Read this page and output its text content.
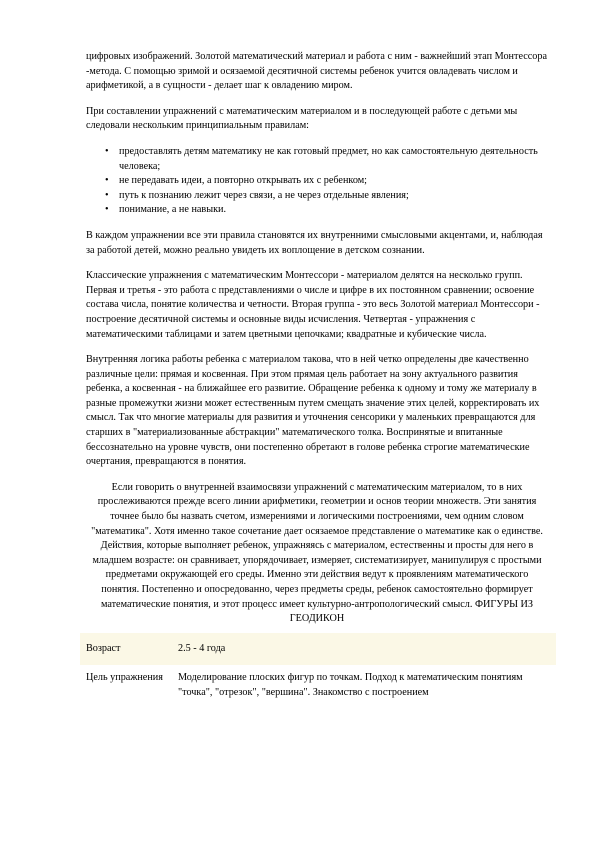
цифровых изображений. Золотой математический материал и работа с ним - важнейший этап Монтессора -метода. С помощью зримой и осязаемой десятичной системы ребенок учится овладевать числом и арифметикой, а в сущности - делает шаг к овладению миром.

При составлении упражнений с математическим материалом и в последующей работе с детьми мы следовали нескольким принципиальным правилам:

• предоставлять детям математику не как готовый предмет, но как самостоятельную деятельность человека;
• не передавать идеи, а повторно открывать их с ребенком;
• путь к познанию лежит через связи, а не через отдельные явления;
• понимание, а не навыки.

В каждом упражнении все эти правила становятся их внутренними смысловыми акцентами, и, наблюдая за работой детей, можно реально увидеть их воплощение в детском сознании.

Классические упражнения с математическим Монтессори - материалом делятся на несколько групп. Первая и третья - это работа с представлениями о числе и цифре в их постоянном сравнении; освоение состава числа, понятие количества и четности. Вторая группа - это весь Золотой материал Монтессори - построение десятичной системы и основные виды исчисления. Четвертая - упражнения с математическими таблицами и затем цветными цепочками; квадратные и кубические числа.

Внутренняя логика работы ребенка с материалом такова, что в ней четко определены две качественно различные цели: прямая и косвенная. При этом прямая цель работает на зону актуального развития ребенка, а косвенная - на ближайшее его развитие. Обращение ребенка к одному и тому же материалу в разные промежутки жизни может естественным путем смещать значение этих целей, корректировать их смысл. Так что многие материалы для развития и уточнения сенсорики у маленьких превращаются для старших в "материализованные абстракции" математического толка. Воспринятые и впитанные бессознательно на уровне чувств, они постепенно обретают в голове ребенка строгие математические очертания, превращаются в понятия.

Если говорить о внутренней взаимосвязи упражнений с математическим материалом, то в них прослеживаются прежде всего линии арифметики, геометрии и основ теории множеств. Эти занятия точнее было бы назвать счетом, измерениями и логическими построениями, чем одним словом "математика". Хотя именно такое сочетание дает осязаемое представление о математике как о единстве. Действия, которые выполняет ребенок, упражняясь с материалом, естественны и просты для него в младшем возрасте: он сравнивает, упорядочивает, измеряет, систематизирует, манипулируя с простыми предметами окружающей его среды. Именно эти действия ведут к проявлениям математического понятия. Постепенно и опосредованно, через предметы среды, ребенок самостоятельно формирует математические понятия, и этот процесс имеет культурно-антропологический смысл. ФИГУРЫ ИЗ ГЕОДИКОН

Возраст	2.5 - 4 года
Цель упражнения	Моделирование плоских фигур по точкам. Подход к математическим понятиям "точка", "отрезок", "вершина". Знакомство с построением
